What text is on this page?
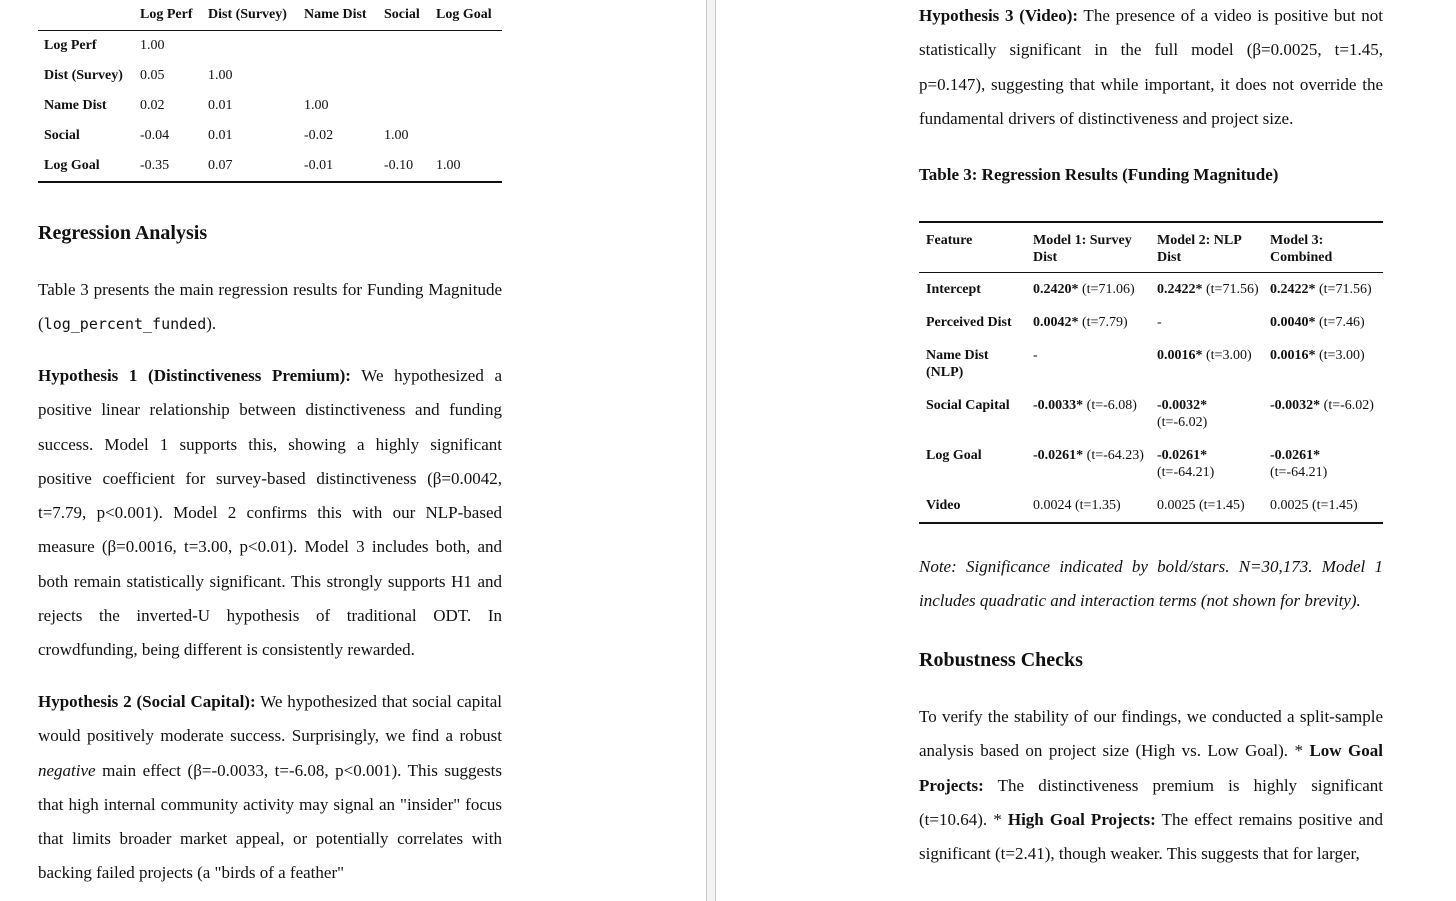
	Log Perf	Dist (Survey)	Name Dist	Social	Log Goal
Log Perf	1.00				
Dist (Survey)	0.05	1.00			
Name Dist	0.02	0.01	1.00		
Social	-0.04	0.01	-0.02	1.00	
Log Goal	-0.35	0.07	-0.01	-0.10	1.00
Regression Analysis

Table 3 presents the main regression results for Funding Magnitude (log_percent_funded).

Hypothesis 1 (Distinctiveness Premium): We hypothesized a positive linear relationship between distinctiveness and funding success. Model 1 supports this, showing a highly significant positive coefficient for survey-based distinctiveness (β=0.0042, t=7.79, p<0.001). Model 2 confirms this with our NLP-based measure (β=0.0016, t=3.00, p<0.01). Model 3 includes both, and both remain statistically significant. This strongly supports H1 and rejects the inverted-U hypothesis of traditional ODT. In crowdfunding, being different is consistently rewarded.

Hypothesis 2 (Social Capital): We hypothesized that social capital would positively moderate success. Surprisingly, we find a robust negative main effect (β=-0.0033, t=-6.08, p<0.001). This suggests that high internal community activity may signal an "insider" focus that limits broader market appeal, or potentially correlates with backing failed projects (a "birds of a feather"

Hypothesis 3 (Video): The presence of a video is positive but not statistically significant in the full model (β=0.0025, t=1.45, p=0.147), suggesting that while important, it does not override the fundamental drivers of distinctiveness and project size.

Table 3: Regression Results (Funding Magnitude)

Feature	Model 1: Survey Dist	Model 2: NLP Dist	Model 3: Combined
Intercept	0.2420* (t=71.06)	0.2422* (t=71.56)	0.2422* (t=71.56)
Perceived Dist	0.0042* (t=7.79)	-	0.0040* (t=7.46)
Name Dist (NLP)	-	0.0016* (t=3.00)	0.0016* (t=3.00)
Social Capital	-0.0033* (t=-6.08)	-0.0032* (t=-6.02)	-0.0032* (t=-6.02)
Log Goal	-0.0261* (t=-64.23)	-0.0261* (t=-64.21)	-0.0261* (t=-64.21)
Video	0.0024 (t=1.35)	0.0025 (t=1.45)	0.0025 (t=1.45)

Note: Significance indicated by bold/stars. N=30,173. Model 1 includes quadratic and interaction terms (not shown for brevity).

Robustness Checks

To verify the stability of our findings, we conducted a split-sample analysis based on project size (High vs. Low Goal). * Low Goal Projects: The distinctiveness premium is highly significant (t=10.64). * High Goal Projects: The effect remains positive and significant (t=2.41), though weaker. This suggests that for larger,
